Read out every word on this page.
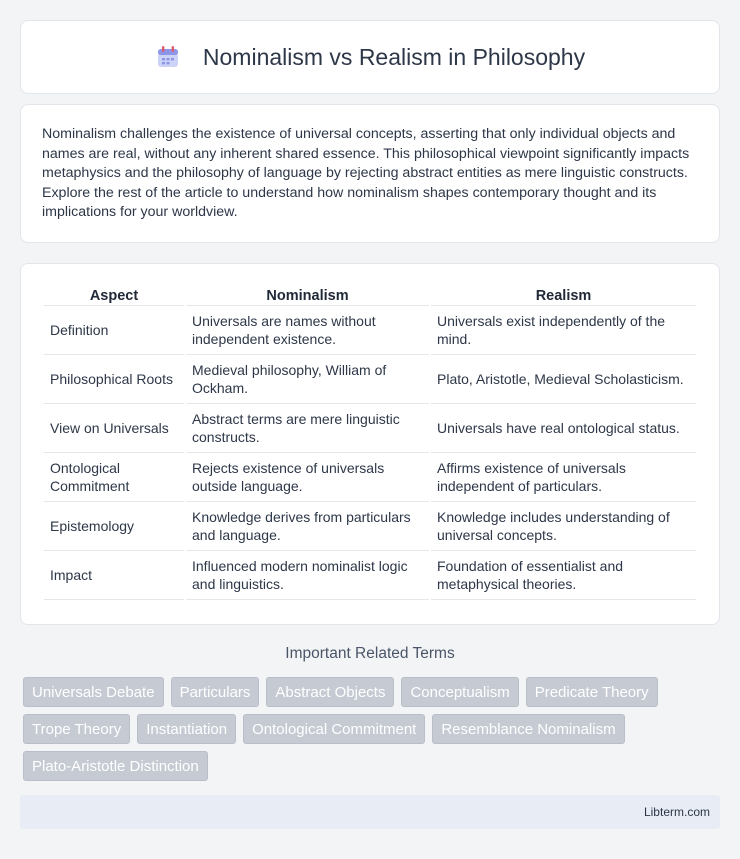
Nominalism vs Realism in Philosophy

Nominalism challenges the existence of universal concepts, asserting that only individual objects and names are real, without any inherent shared essence. This philosophical viewpoint significantly impacts metaphysics and the philosophy of language by rejecting abstract entities as mere linguistic constructs. Explore the rest of the article to understand how nominalism shapes contemporary thought and its implications for your worldview.

Aspect	Nominalism	Realism
Definition	Universals are names without independent existence.	Universals exist independently of the mind.
Philosophical Roots	Medieval philosophy, William of Ockham.	Plato, Aristotle, Medieval Scholasticism.
View on Universals	Abstract terms are mere linguistic constructs.	Universals have real ontological status.
Ontological Commitment	Rejects existence of universals outside language.	Affirms existence of universals independent of particulars.
Epistemology	Knowledge derives from particulars and language.	Knowledge includes understanding of universal concepts.
Impact	Influenced modern nominalist logic and linguistics.	Foundation of essentialist and metaphysical theories.
Important Related Terms
Universals Debate	Particulars	Abstract Objects	Conceptualism	Predicate Theory
Trope Theory	Instantiation	Ontological Commitment	Resemblance Nominalism
Plato-Aristotle Distinction
Libterm.com
